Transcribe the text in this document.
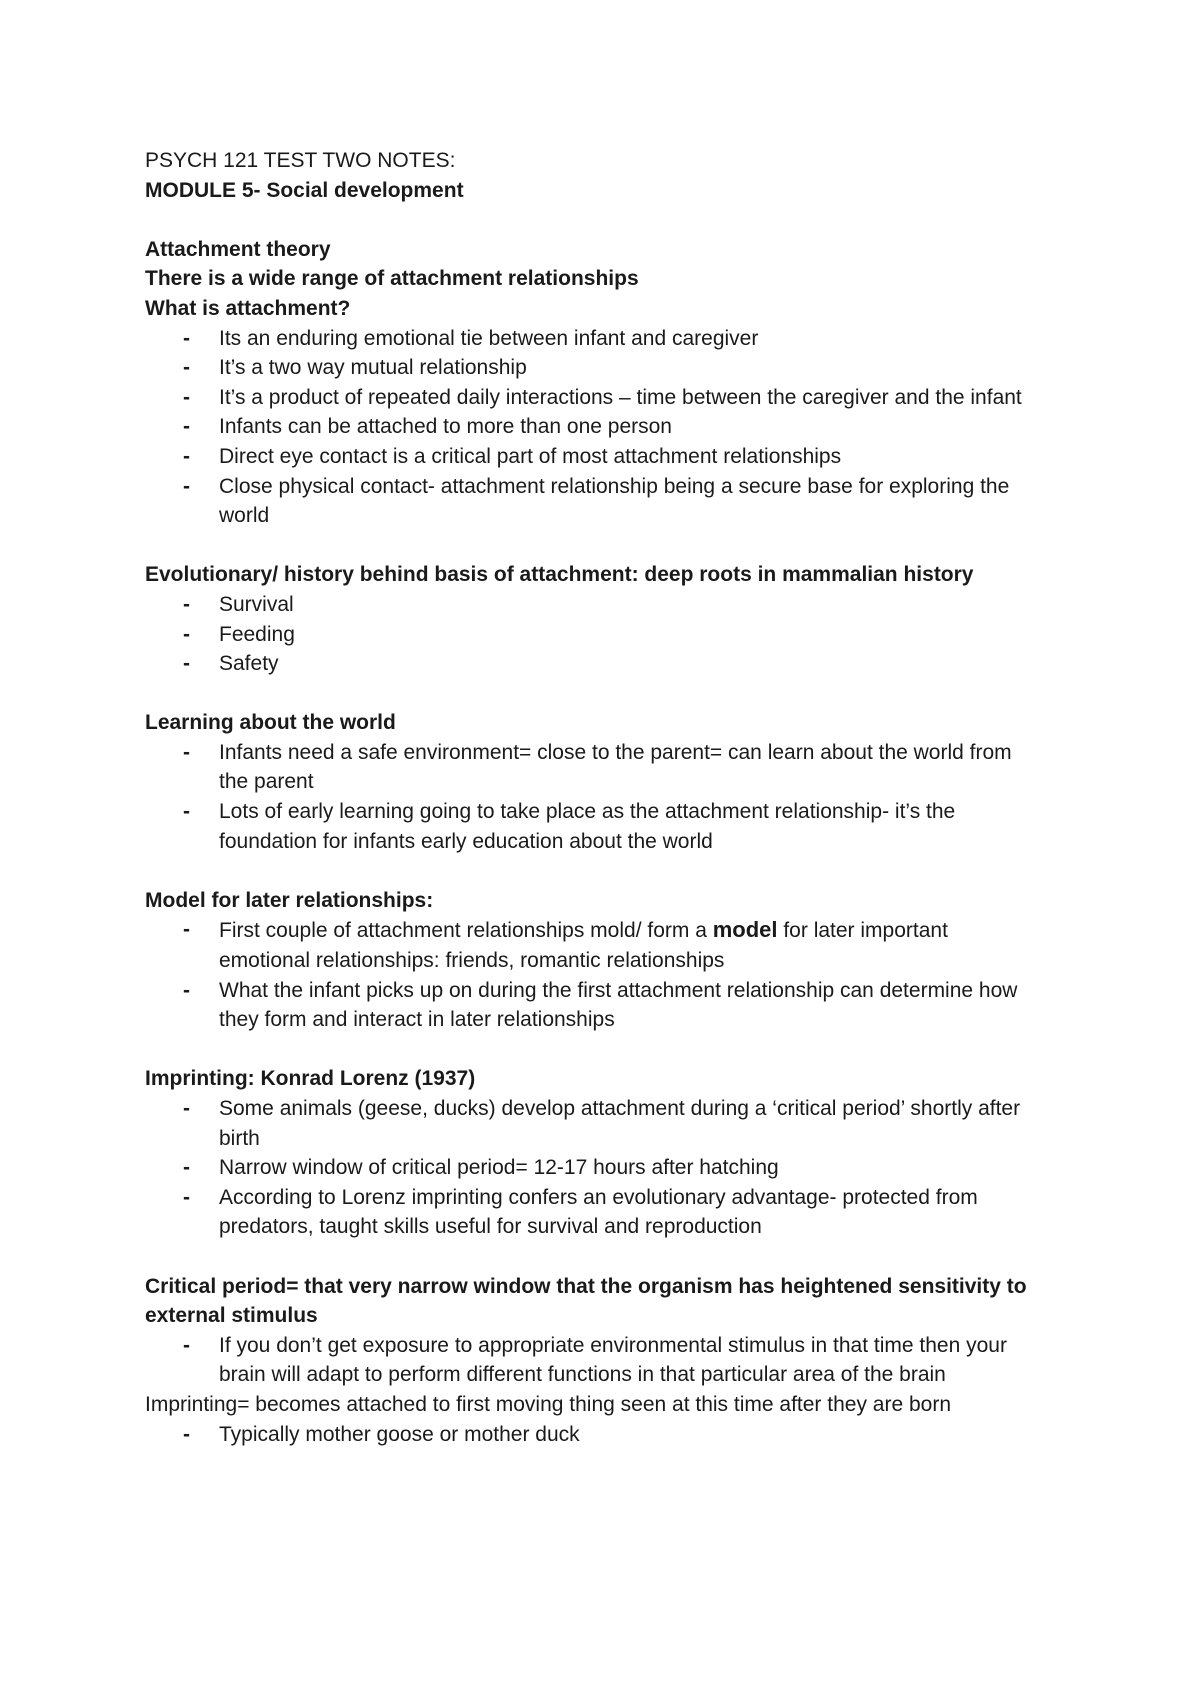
PSYCH 121 TEST TWO NOTES:
MODULE 5- Social development
Attachment theory
There is a wide range of attachment relationships
What is attachment?
- Its an enduring emotional tie between infant and caregiver
- It’s a two way mutual relationship
- It’s a product of repeated daily interactions – time between the caregiver and the infant
- Infants can be attached to more than one person
- Direct eye contact is a critical part of most attachment relationships
- Close physical contact- attachment relationship being a secure base for exploring the world
Evolutionary/ history behind basis of attachment: deep roots in mammalian history
- Survival
- Feeding
- Safety
Learning about the world
- Infants need a safe environment= close to the parent= can learn about the world from the parent
- Lots of early learning going to take place as the attachment relationship- it’s the foundation for infants early education about the world
Model for later relationships:
- First couple of attachment relationships mold/ form a model for later important emotional relationships: friends, romantic relationships
- What the infant picks up on during the first attachment relationship can determine how they form and interact in later relationships
Imprinting: Konrad Lorenz (1937)
- Some animals (geese, ducks) develop attachment during a ‘critical period’ shortly after birth
- Narrow window of critical period= 12-17 hours after hatching
- According to Lorenz imprinting confers an evolutionary advantage- protected from predators, taught skills useful for survival and reproduction
Critical period= that very narrow window that the organism has heightened sensitivity to external stimulus
- If you don’t get exposure to appropriate environmental stimulus in that time then your brain will adapt to perform different functions in that particular area of the brain
Imprinting= becomes attached to first moving thing seen at this time after they are born
- Typically mother goose or mother duck
